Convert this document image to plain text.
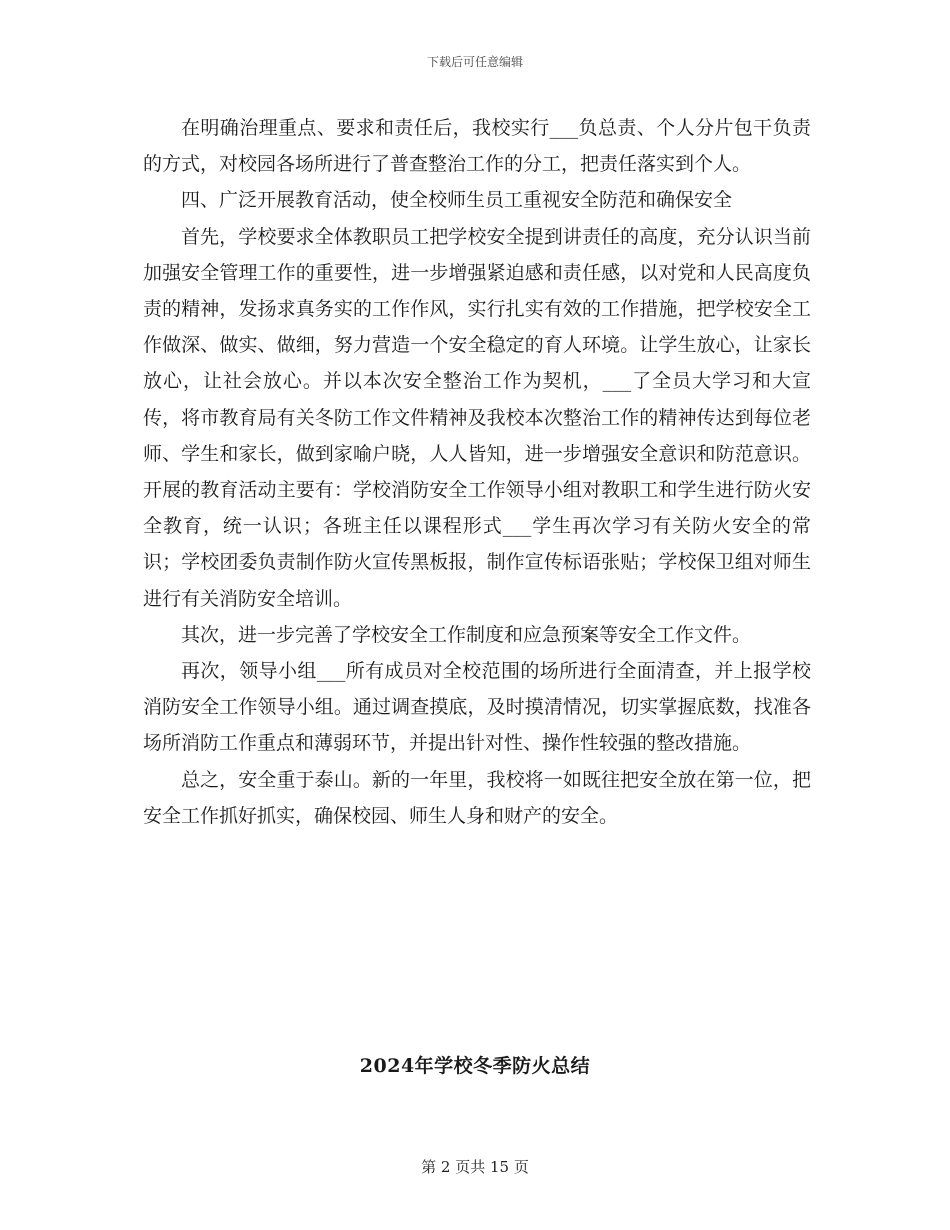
下载后可任意编辑

在明确治理重点、要求和责任后，我校实行___负总责、个人分片包干负责的方式，对校园各场所进行了普查整治工作的分工，把责任落实到个人。

四、广泛开展教育活动，使全校师生员工重视安全防范和确保安全

首先，学校要求全体教职员工把学校安全提到讲责任的高度，充分认识当前加强安全管理工作的重要性，进一步增强紧迫感和责任感，以对党和人民高度负责的精神，发扬求真务实的工作作风，实行扎实有效的工作措施，把学校安全工作做深、做实、做细，努力营造一个安全稳定的育人环境。让学生放心，让家长放心，让社会放心。并以本次安全整治工作为契机，___了全员大学习和大宣传，将市教育局有关冬防工作文件精神及我校本次整治工作的精神传达到每位老师、学生和家长，做到家喻户晓，人人皆知，进一步增强安全意识和防范意识。开展的教育活动主要有：学校消防安全工作领导小组对教职工和学生进行防火安全教育，统一认识；各班主任以课程形式___学生再次学习有关防火安全的常识；学校团委负责制作防火宣传黑板报，制作宣传标语张贴；学校保卫组对师生进行有关消防安全培训。

其次，进一步完善了学校安全工作制度和应急预案等安全工作文件。

再次，领导小组___所有成员对全校范围的场所进行全面清查，并上报学校消防安全工作领导小组。通过调查摸底，及时摸清情况，切实掌握底数，找准各场所消防工作重点和薄弱环节，并提出针对性、操作性较强的整改措施。

总之，安全重于泰山。新的一年里，我校将一如既往把安全放在第一位，把安全工作抓好抓实，确保校园、师生人身和财产的安全。

2024年学校冬季防火总结
第 2 页共 15 页
